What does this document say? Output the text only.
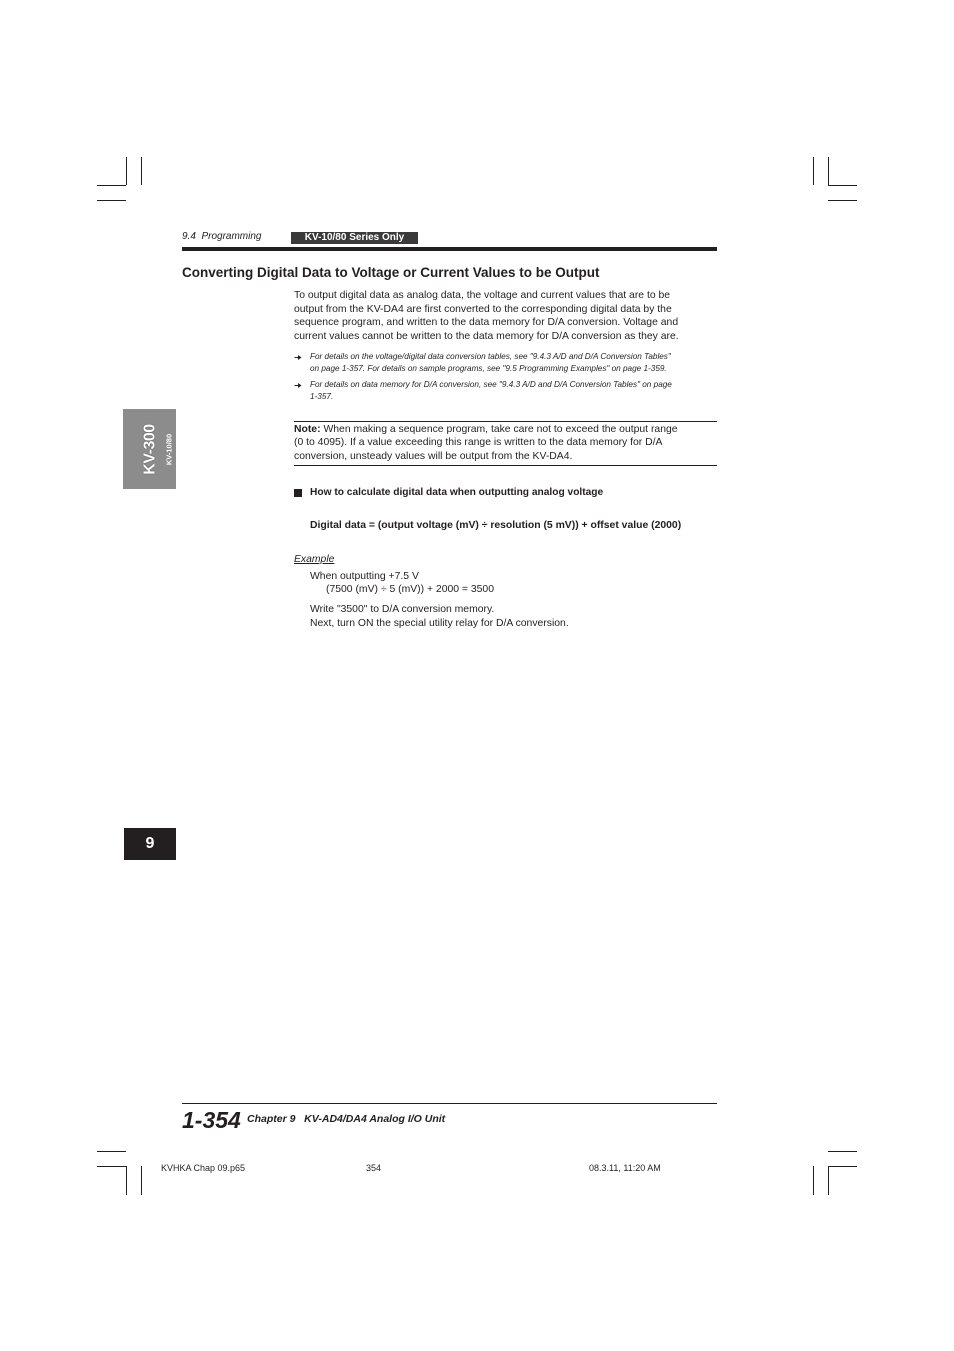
9.4  Programming	KV-10/80 Series Only
Converting Digital Data to Voltage or Current Values to be Output
To output digital data as analog data, the voltage and current values that are to be
output from the KV-DA4 are first converted to the corresponding digital data by the
sequence program, and written to the data memory for D/A conversion. Voltage and
current values cannot be written to the data memory for D/A conversion as they are.
For details on the voltage/digital data conversion tables, see "9.4.3 A/D and D/A Conversion Tables"
on page 1-357. For details on sample programs, see "9.5 Programming Examples" on page 1-359.
For details on data memory for D/A conversion, see "9.4.3 A/D and D/A Conversion Tables" on page
1-357.
Note: When making a sequence program, take care not to exceed the output range
(0 to 4095). If a value exceeding this range is written to the data memory for D/A
conversion, unsteady values will be output from the KV-DA4.
How to calculate digital data when outputting analog voltage
Digital data = (output voltage (mV) ÷ resolution (5 mV)) + offset value (2000)
Example
When outputting +7.5 V
(7500 (mV) ÷ 5 (mV)) + 2000 = 3500
Write "3500" to D/A conversion memory.
Next, turn ON the special utility relay for D/A conversion.
KV-300 KV-10/80
9
1-354 Chapter 9   KV-AD4/DA4 Analog I/O Unit
KVHKA Chap 09.p65	354	08.3.11, 11:20 AM
